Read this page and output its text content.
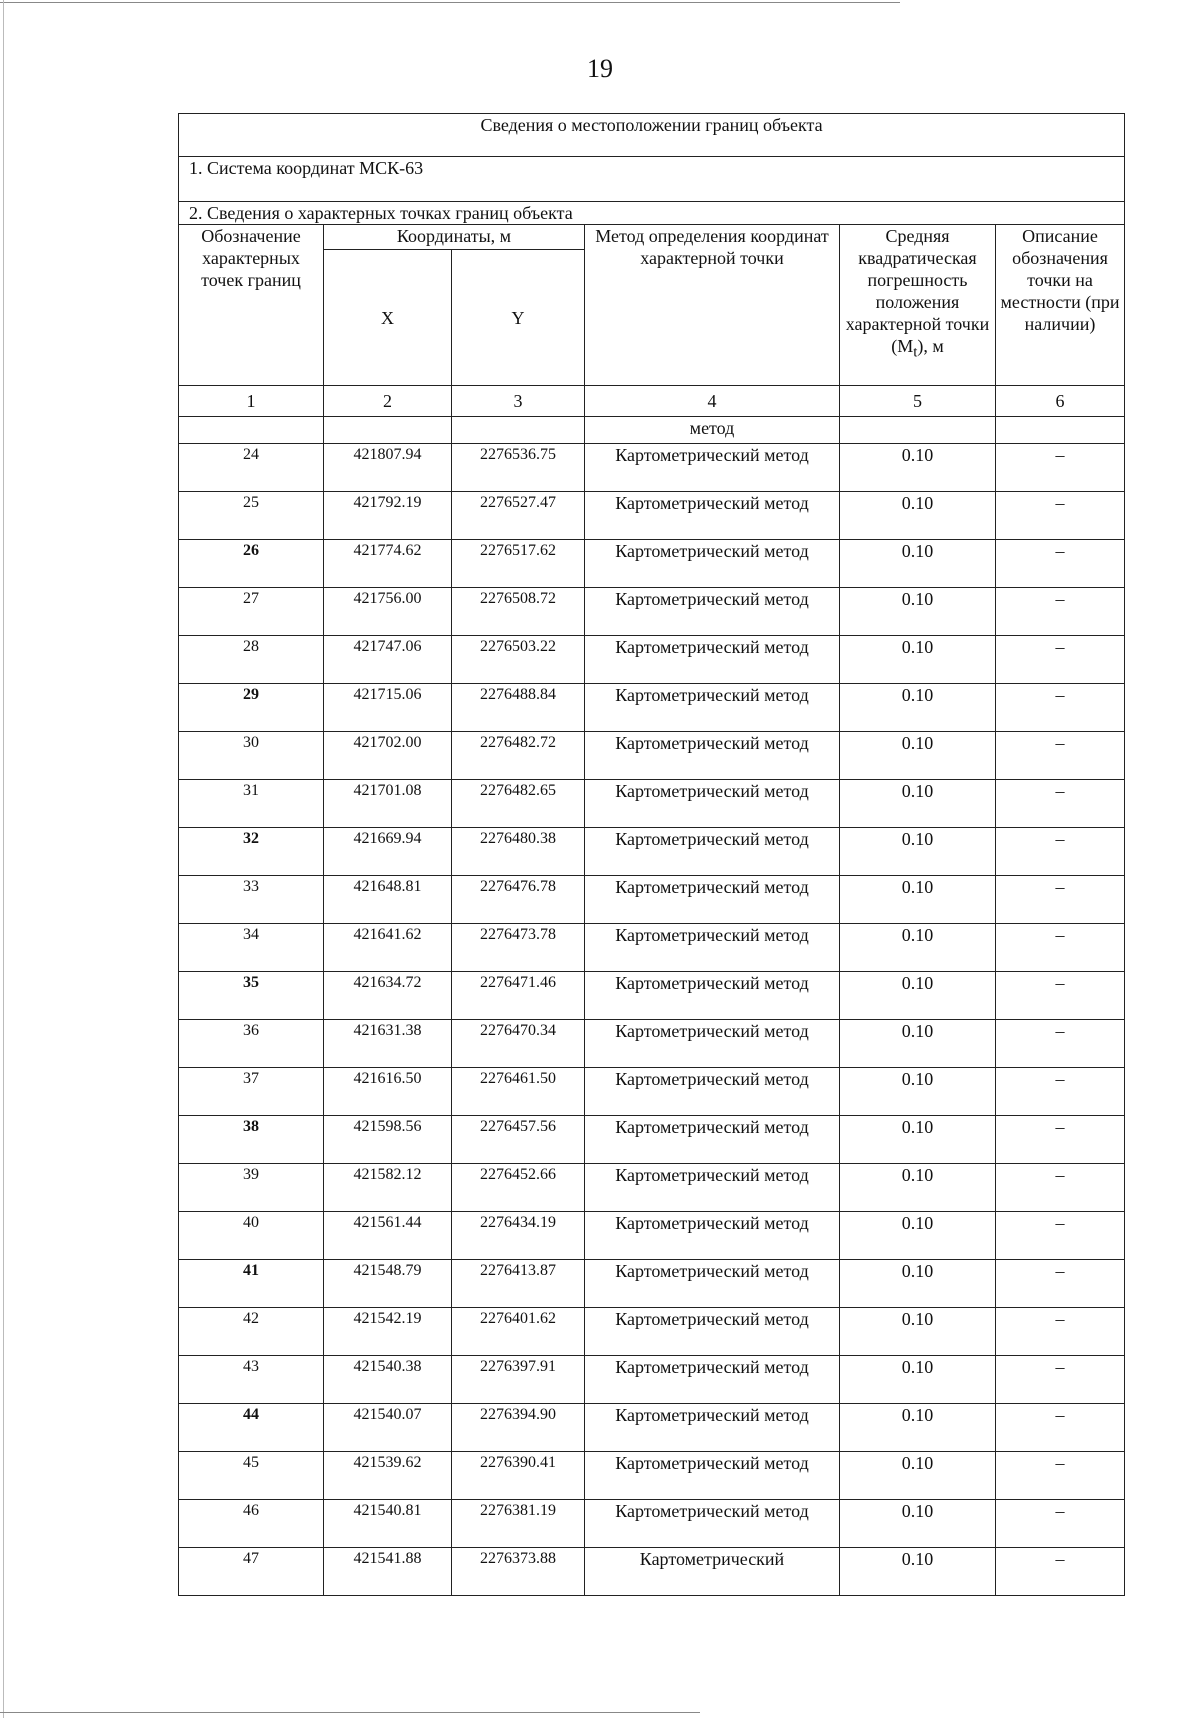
19
Сведения о местоположении границ объекта					
1. Система координат МСК-63					
2. Сведения о характерных точках границ объекта					
Обозначение характерных точек границ	Координаты, м		Метод определения координат характерной точки	Средняя квадратическая погрешность положения характерной точки $(M_t)$, м	Описание обозначения точки на местности (при наличии)
	X	Y			
1	2	3	4	5	6
			метод		
24	421807.94	2276536.75	Картометрический метод	0.10	–
25	421792.19	2276527.47	Картометрический метод	0.10	–
26	421774.62	2276517.62	Картометрический метод	0.10	–
27	421756.00	2276508.72	Картометрический метод	0.10	–
28	421747.06	2276503.22	Картометрический метод	0.10	–
29	421715.06	2276488.84	Картометрический метод	0.10	–
30	421702.00	2276482.72	Картометрический метод	0.10	–
31	421701.08	2276482.65	Картометрический метод	0.10	–
32	421669.94	2276480.38	Картометрический метод	0.10	–
33	421648.81	2276476.78	Картометрический метод	0.10	–
34	421641.62	2276473.78	Картометрический метод	0.10	–
35	421634.72	2276471.46	Картометрический метод	0.10	–
36	421631.38	2276470.34	Картометрический метод	0.10	–
37	421616.50	2276461.50	Картометрический метод	0.10	–
38	421598.56	2276457.56	Картометрический метод	0.10	–
39	421582.12	2276452.66	Картометрический метод	0.10	–
40	421561.44	2276434.19	Картометрический метод	0.10	–
41	421548.79	2276413.87	Картометрический метод	0.10	–
42	421542.19	2276401.62	Картометрический метод	0.10	–
43	421540.38	2276397.91	Картометрический метод	0.10	–
44	421540.07	2276394.90	Картометрический метод	0.10	–
45	421539.62	2276390.41	Картометрический метод	0.10	–
46	421540.81	2276381.19	Картометрический метод	0.10	–
47	421541.88	2276373.88	Картометрический	0.10	–
